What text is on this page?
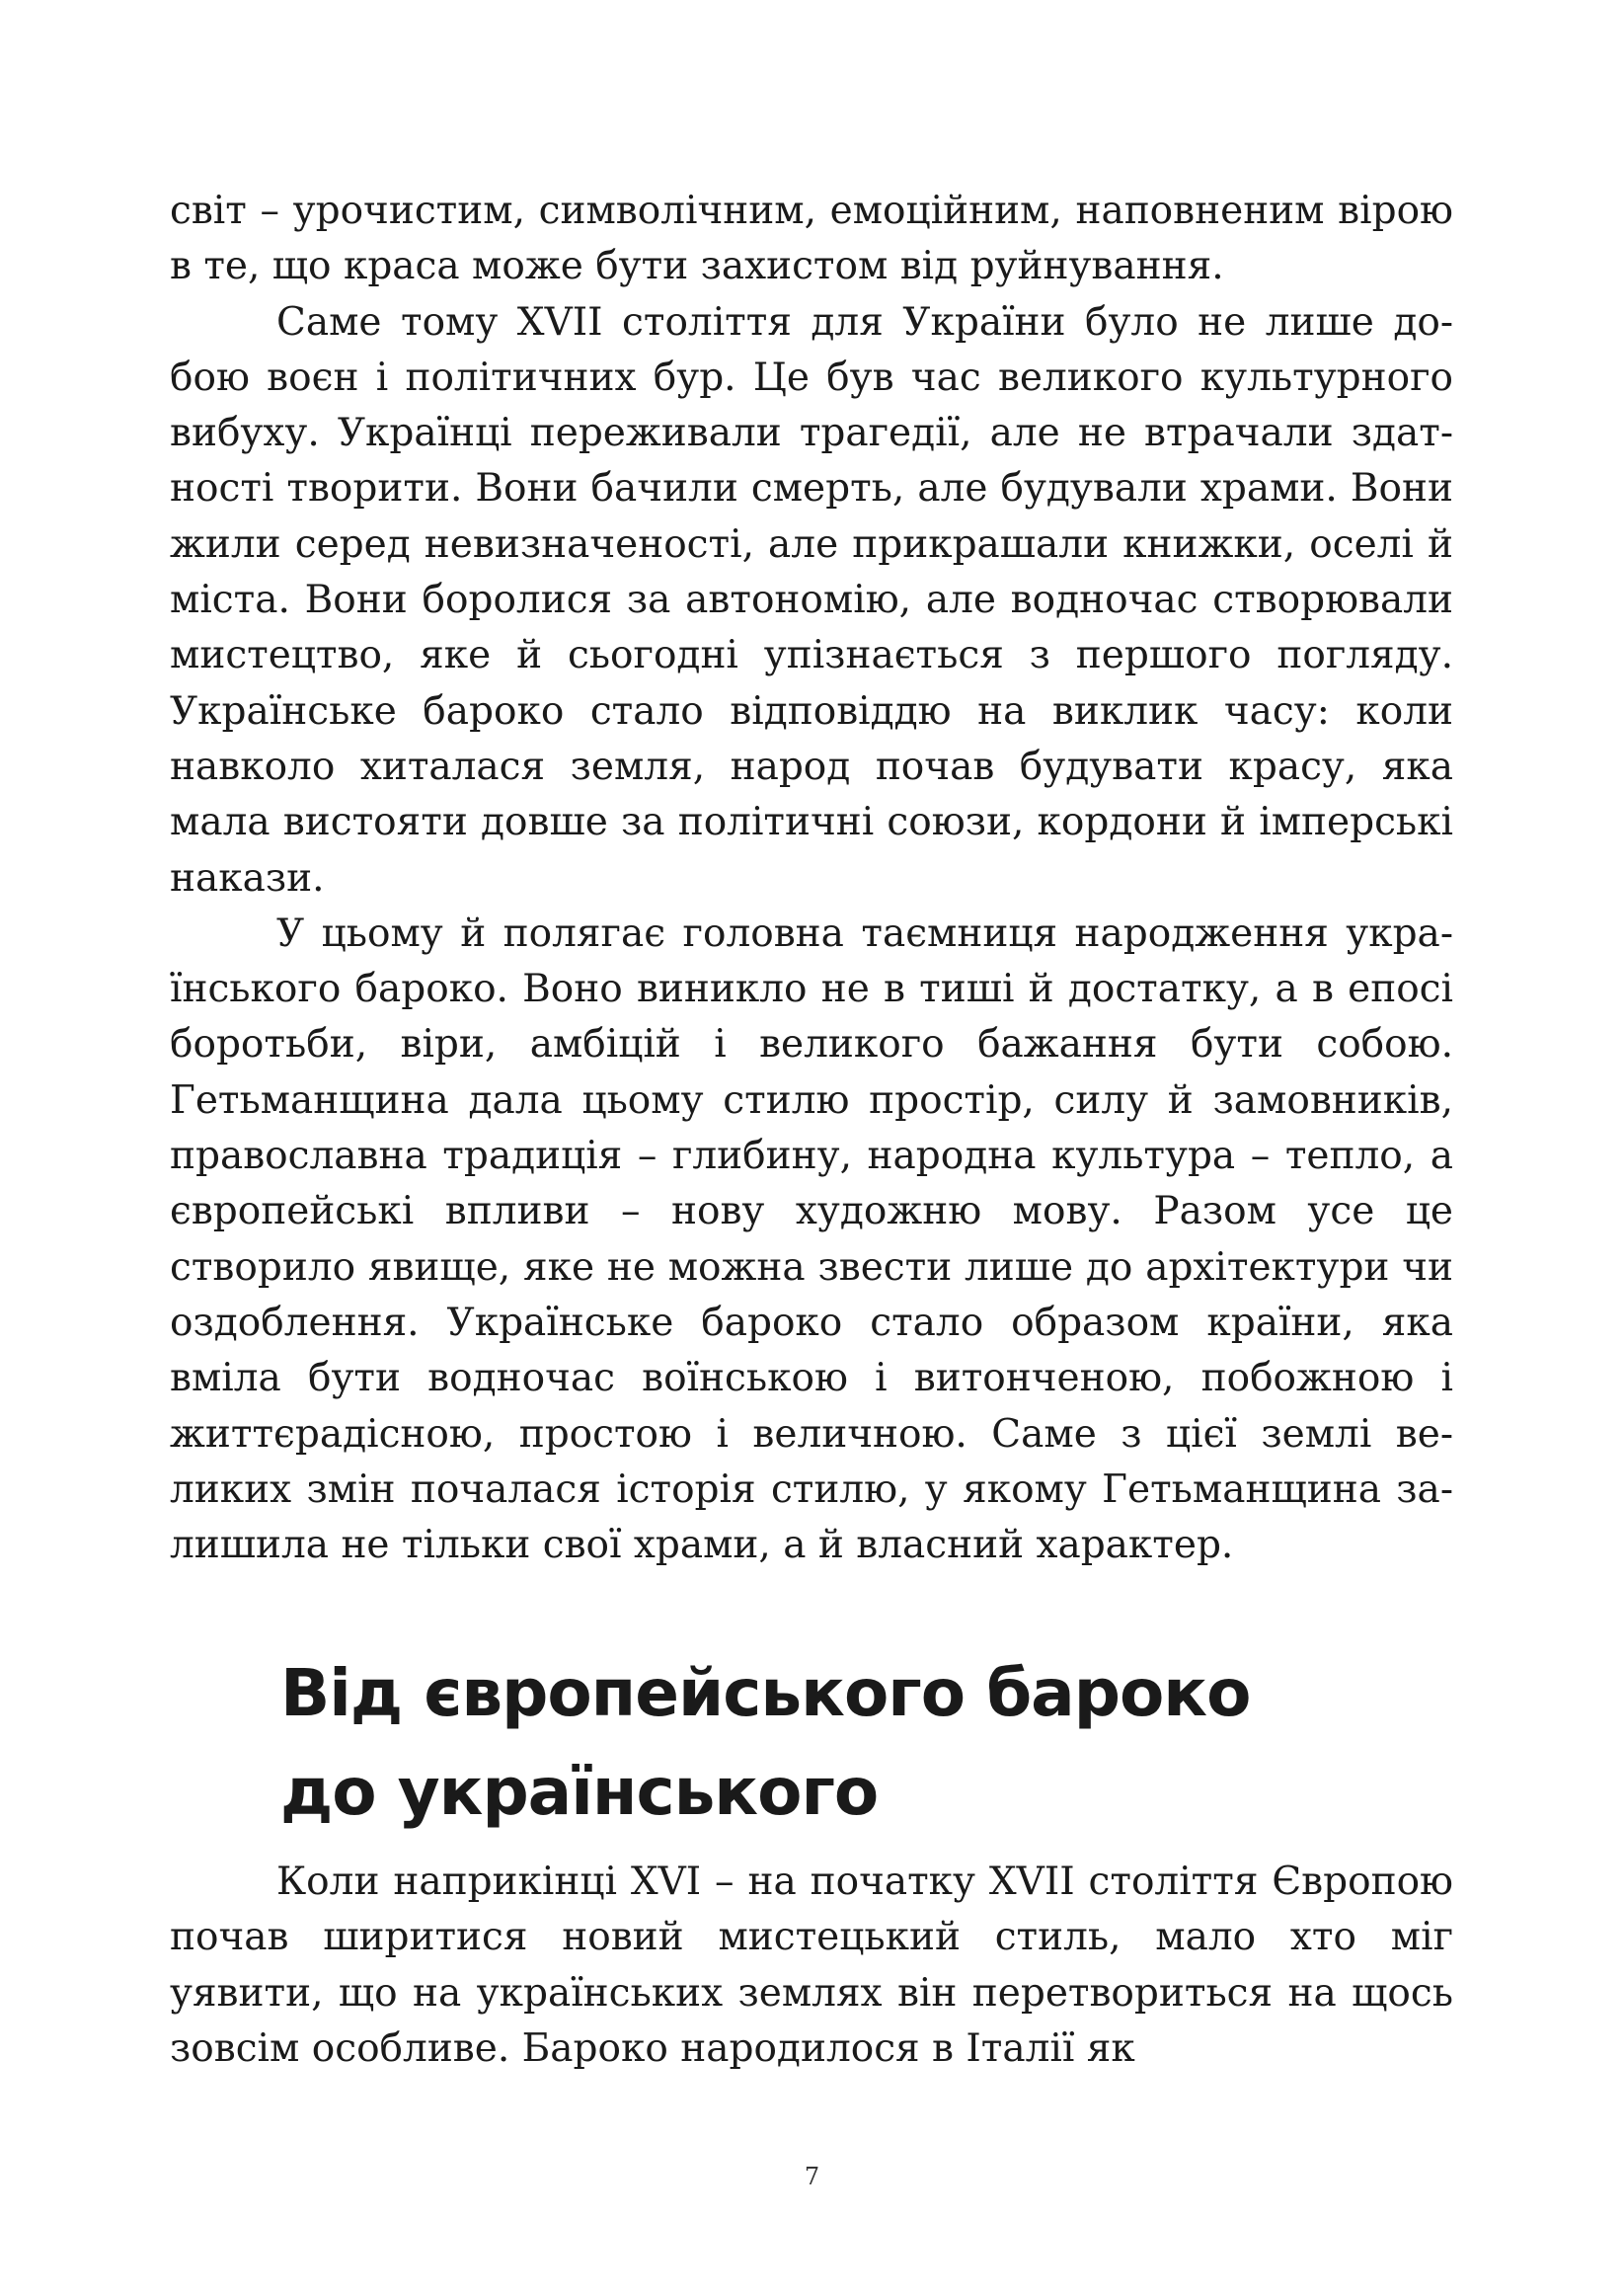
світ – урочистим, символічним, емоційним, наповненим вірою в те, що краса може бути захистом від руйнування.

Саме тому XVII століття для України було не лише добою воєн і політичних бур. Це був час великого культурного вибуху. Українці переживали трагедії, але не втрачали здатності творити. Вони бачили смерть, але будували храми. Вони жили серед невизначеності, але прикрашали книжки, оселі й міста. Вони боролися за автономію, але водночас створювали мистецтво, яке й сьогодні упізнається з першого погляду. Українське бароко стало відповіддю на виклик часу: коли навколо хиталася земля, народ почав будувати красу, яка мала вистояти довше за політичні союзи, кордони й імперські накази.

У цьому й полягає головна таємниця народження українського бароко. Воно виникло не в тиші й достатку, а в епосі боротьби, віри, амбіцій і великого бажання бути собою. Гетьманщина дала цьому стилю простір, силу й замовників, православна традиція – глибину, народна культура – тепло, а європейські впливи – нову художню мову. Разом усе це створило явище, яке не можна звести лише до архітектури чи оздоблення. Українське бароко стало образом країни, яка вміла бути водночас воїнською і витонченою, побожною і життєрадісною, простою і величною. Саме з цієї землі великих змін почалася історія стилю, у якому Гетьманщина залишила не тільки свої храми, а й власний характер.

Від європейського бароко
до українського

Коли наприкінці XVI – на початку XVII століття Європою почав ширитися новий мистецький стиль, мало хто міг уявити, що на українських землях він перетвориться на щось зовсім особливе. Бароко народилося в Італії як

7
